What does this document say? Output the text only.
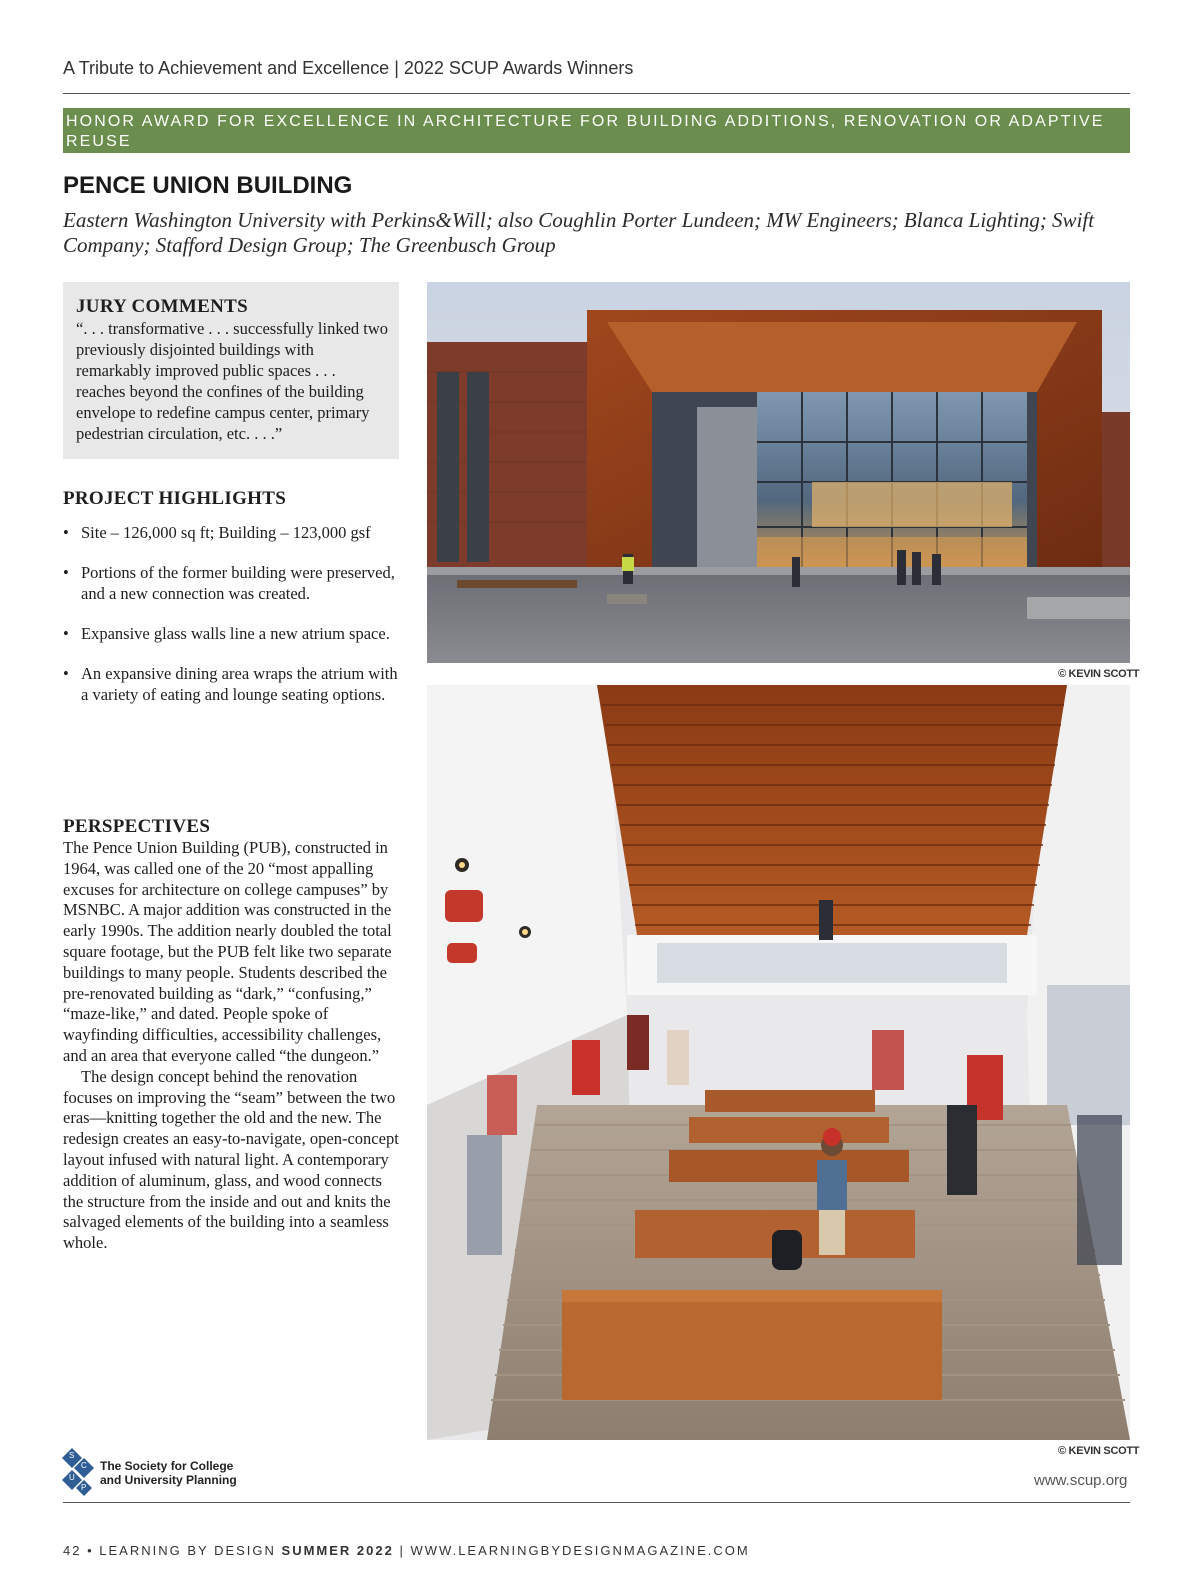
A Tribute to Achievement and Excellence | 2022 SCUP Awards Winners
HONOR AWARD FOR EXCELLENCE IN ARCHITECTURE FOR BUILDING ADDITIONS, RENOVATION OR ADAPTIVE REUSE
PENCE UNION BUILDING
Eastern Washington University with Perkins&Will; also Coughlin Porter Lundeen; MW Engineers; Blanca Lighting; Swift Company; Stafford Design Group; The Greenbusch Group
JURY COMMENTS
“. . . transformative . . . successfully linked two previously disjointed buildings with remarkably improved public spaces . . . reaches beyond the confines of the building envelope to redefine campus center, primary pedestrian circulation, etc. . . .”
PROJECT HIGHLIGHTS
• Site – 126,000 sq ft; Building – 123,000 gsf
• Portions of the former building were preserved, and a new connection was created.
• Expansive glass walls line a new atrium space.
• An expansive dining area wraps the atrium with a variety of eating and lounge seating options.
PERSPECTIVES

The Pence Union Building (PUB), constructed in 1964, was called one of the 20 “most appalling excuses for architecture on college campuses” by MSNBC. A major addition was constructed in the early 1990s. The addition nearly doubled the total square footage, but the PUB felt like two separate buildings to many people. Students described the pre-renovated building as “dark,” “confusing,” “maze-like,” and dated. People spoke of wayfinding difficulties, accessibility challenges, and an area that everyone called “the dungeon.”

The design concept behind the renovation focuses on improving the “seam” between the two eras—knitting together the old and the new. The redesign creates an easy-to-navigate, open-concept layout infused with natural light. A contemporary addition of aluminum, glass, and wood connects the structure from the inside and out and knits the salvaged elements of the building into a seamless whole.

© KEVIN SCOTT
© KEVIN SCOTT
S
C
U
P
The Society for College
and University Planning	www.scup.org
42 • LEARNING BY DESIGN SUMMER 2022 | WWW.LEARNINGBYDESIGNMAGAZINE.COM
